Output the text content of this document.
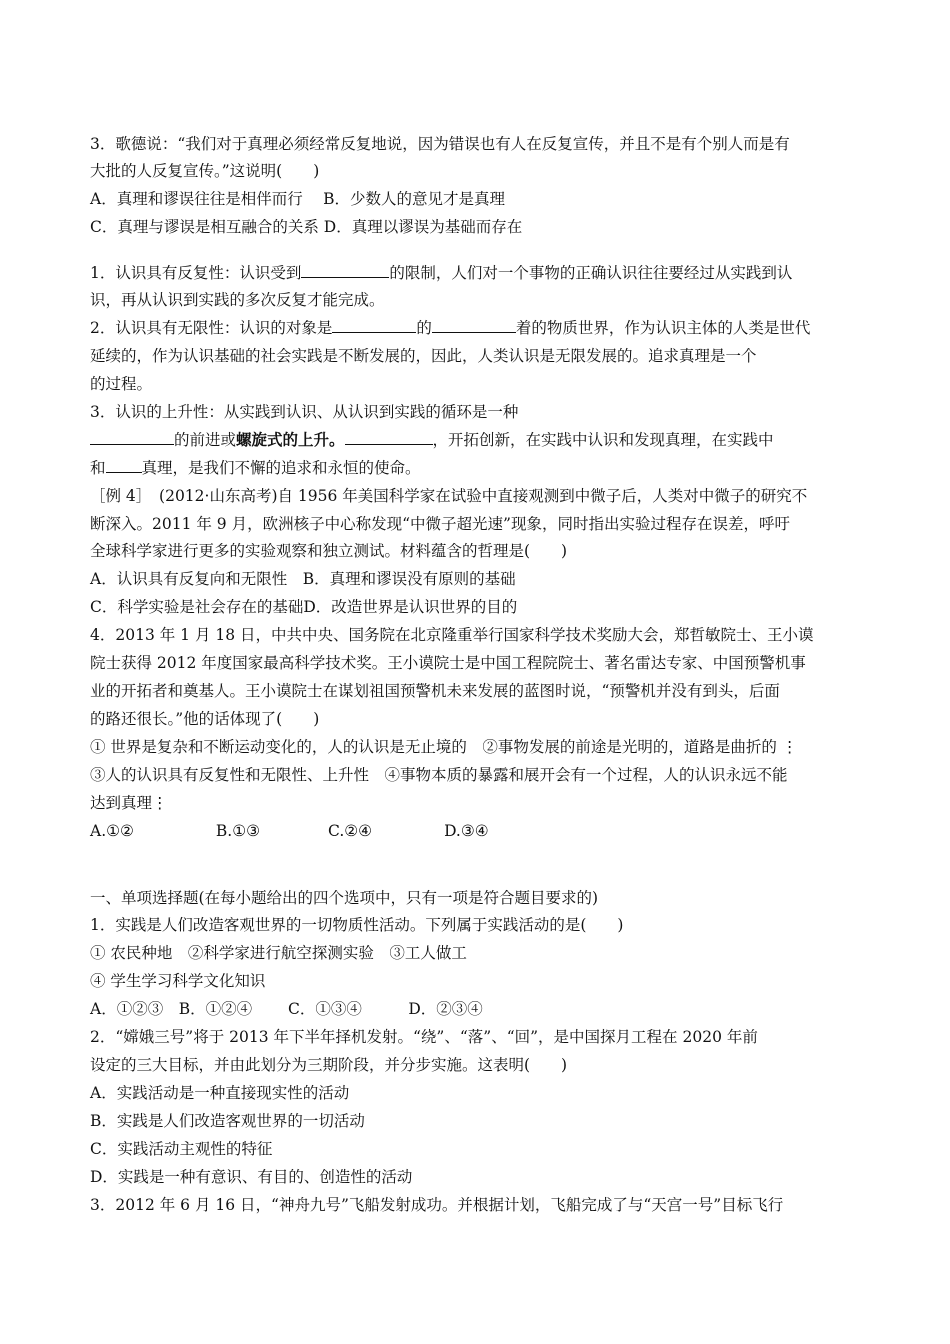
3．歌德说：“我们对于真理必须经常反复地说，因为错误也有人在反复宣传，并且不是有个别人而是有
大批的人反复宣传。”这说明(　　)
A．真理和谬误往往是相伴而行　 B．少数人的意见才是真理
C．真理与谬误是相互融合的关系 D．真理以谬误为基础而存在
1．认识具有反复性：认识受到	的限制，人们对一个事物的正确认识往往要经过从实践到认
识，再从认识到实践的多次反复才能完成。
2．认识具有无限性：认识的对象是	的	着的物质世界，作为认识主体的人类是世代
延续的，作为认识基础的社会实践是不断发展的，因此，人类认识是无限发展的。追求真理是一个
的过程。
3．认识的上升性：从实践到认识、从认识到实践的循环是一种
的前进或螺旋式的上升。	，开拓创新，在实践中认识和发现真理，在实践中
和 真理，是我们不懈的追求和永恒的使命。
［例 4］　(2012·山东高考)自 1956 年美国科学家在试验中直接观测到中微子后，人类对中微子的研究不
断深入。2011 年 9 月，欧洲核子中心称发现“中微子超光速”现象，同时指出实验过程存在误差，呼吁
全球科学家进行更多的实验观察和独立测试。材料蕴含的哲理是(　　)
A．认识具有反复向和无限性　B．真理和谬误没有原则的基础
C．科学实验是社会存在的基础D．改造世界是认识世界的目的
4．2013 年 1 月 18 日，中共中央、国务院在北京隆重举行国家科学技术奖励大会，郑哲敏院士、王小谟
院士获得 2012 年度国家最高科学技术奖。王小谟院士是中国工程院院士、著名雷达专家、中国预警机事
业的开拓者和奠基人。王小谟院士在谋划祖国预警机未来发展的蓝图时说，“预警机并没有到头，后面
的路还很长。”他的话体现了(　　)
① 世界是复杂和不断运动变化的，人的认识是无止境的　②事物发展的前途是光明的，道路是曲折的 ⋮
③人的认识具有反复性和无限性、上升性　④事物本质的暴露和展开会有一个过程，人的认识永远不能
达到真理⋮
A.①②	B.①③	C.②④	D.③④
一、单项选择题(在每小题给出的四个选项中，只有一项是符合题目要求的)
1．实践是人们改造客观世界的一切物质性活动。下列属于实践活动的是(　　)
① 农民种地　②科学家进行航空探测实验　③工人做工
④ 学生学习科学文化知识
A．①②③　B．①②④　　 C．①③④　　　D．②③④
2．“嫦娥三号”将于 2013 年下半年择机发射。“绕”、“落”、“回”，是中国探月工程在 2020 年前
设定的三大目标，并由此划分为三期阶段，并分步实施。这表明(　　)
A．实践活动是一种直接现实性的活动
B．实践是人们改造客观世界的一切活动
C．实践活动主观性的特征
D．实践是一种有意识、有目的、创造性的活动
3．2012 年 6 月 16 日，“神舟九号”飞船发射成功。并根据计划，飞船完成了与“天宫一号”目标飞行
